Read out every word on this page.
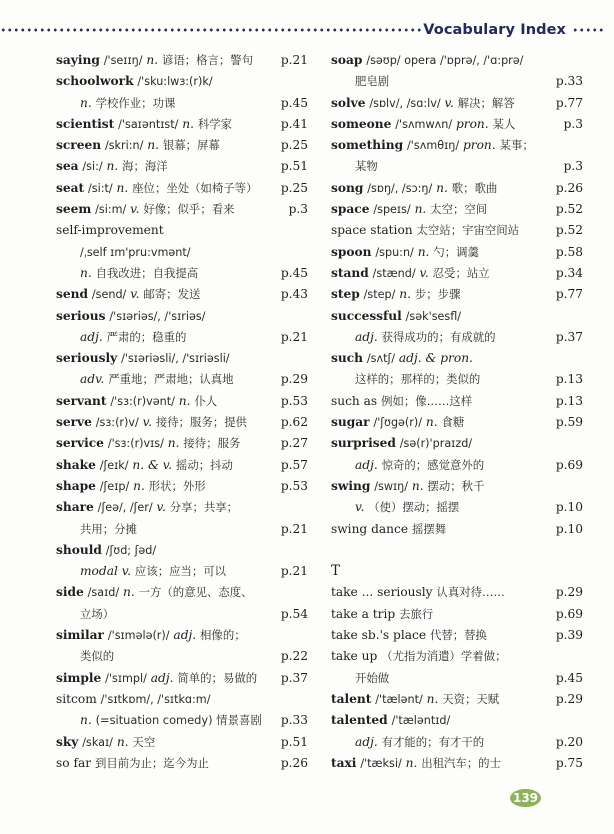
Vocabulary Index
saying /'seɪɪŋ/ n. 谚语；格言；警句 p.21
schoolwork /'sku:lwɜ:(r)k/
n. 学校作业；功课	p.45
scientist /'saɪəntɪst/ n. 科学家	p.41
screen /skri:n/ n. 银幕；屏幕	p.25
sea /si:/ n. 海；海洋	p.51
seat /si:t/ n. 座位；坐处（如椅子等） p.25
seem /si:m/ v. 好像；似乎；看来	p.3
self-improvement
/ˌself ɪm'pru:vmənt/
n. 自我改进；自我提高	p.45
send /send/ v. 邮寄；发送	p.43
serious /'sɪəriəs/, /'sɪriəs/
adj. 严肃的；稳重的	p.21
seriously /'sɪəriəsli/, /'sɪriəsli/
adv. 严重地；严肃地；认真地	p.29
servant /'sɜ:(r)vənt/ n. 仆人	p.53
serve /sɜ:(r)v/ v. 接待；服务；提供	p.62
service /'sɜ:(r)vɪs/ n. 接待；服务	p.27
shake /ʃeɪk/ n. & v. 摇动；抖动	p.57
shape /ʃeɪp/ n. 形状；外形	p.53
share /ʃeə/, /ʃer/ v. 分享；共享；
共用；分摊	p.21
should /ʃʊd; ʃəd/
modal v. 应该；应当；可以	p.21
side /saɪd/ n. 一方（的意见、态度、
立场）	p.54
similar /'sɪmələ(r)/ adj. 相像的；
类似的	p.22
simple /'sɪmpl/ adj. 简单的；易做的 p.37
sitcom /'sɪtkɒm/, /'sɪtkɑ:m/
n. (=situation comedy) 情景喜剧 p.33
sky /skaɪ/ n. 天空	p.51
so far 到目前为止；迄今为止	p.26
soap /səʊp/ opera /'ɒprə/, /'ɑ:prə/
肥皂剧	p.33
solve /sɒlv/, /sɑ:lv/ v. 解决；解答	p.77
someone /'sʌmwʌn/ pron. 某人	p.3
something /'sʌmθɪŋ/ pron. 某事；
某物	p.3
song /sɒŋ/, /sɔ:ŋ/ n. 歌；歌曲	p.26
space /speɪs/ n. 太空；空间	p.52
space station 太空站；宇宙空间站	p.52
spoon /spu:n/ n. 勺；调羹	p.58
stand /stænd/ v. 忍受；站立	p.34
step /step/ n. 步；步骤	p.77
successful /sək'sesfl/
adj. 获得成功的；有成就的	p.37
such /sʌtʃ/ adj. & pron.
这样的；那样的；类似的	p.13
such as 例如；像……这样	p.13
sugar /'ʃʊgə(r)/ n. 食糖	p.59
surprised /sə(r)'praɪzd/
adj. 惊奇的；感觉意外的	p.69
swing /swɪŋ/ n. 摆动；秋千
v. （使）摆动；摇摆	p.10
swing dance 摇摆舞	p.10
T
take ... seriously 认真对待……	p.29
take a trip 去旅行	p.69
take sb.'s place 代替；替换	p.39
take up （尤指为消遣）学着做；
开始做	p.45
talent /'tælənt/ n. 天资；天赋	p.29
talented /'tæləntɪd/
adj. 有才能的；有才干的	p.20
taxi /'tæksi/ n. 出租汽车；的士	p.75
139
